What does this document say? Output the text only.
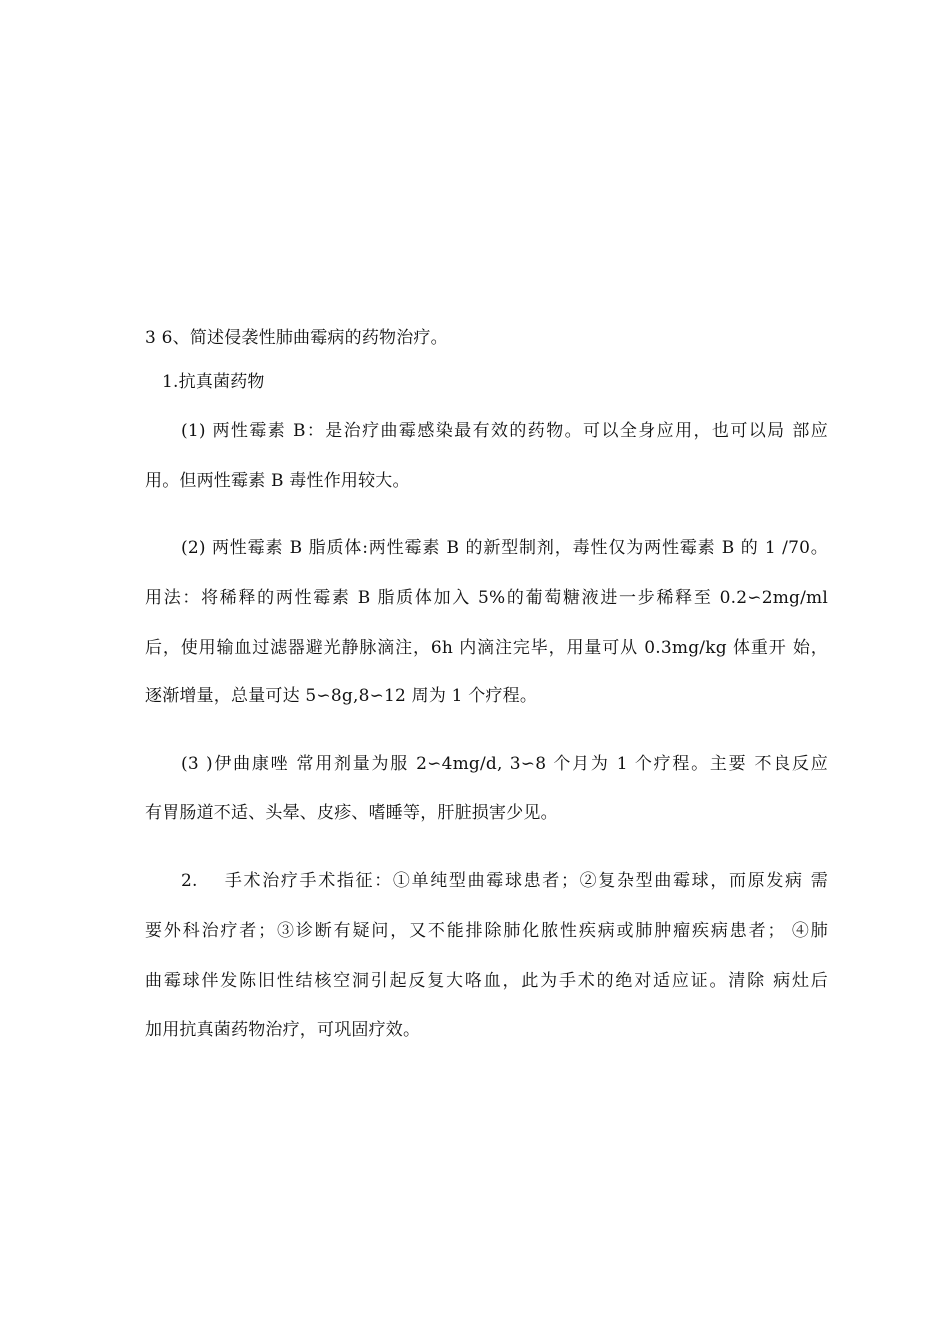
3 6、简述侵袭性肺曲霉病的药物治疗。
1.抗真菌药物
(1) 两性霉素 B：是治疗曲霉感染最有效的药物。可以全身应用，也可以局 部应
用。但两性霉素 B 毒性作用较大。
(2) 两性霉素 B 脂质体:两性霉素 B 的新型制剂，毒性仅为两性霉素 B 的 1 /70。
用法：将稀释的两性霉素 B 脂质体加入 5%的葡萄糖液进一步稀释至 0.2∽2mg/ml
后，使用输血过滤器避光静脉滴注，6h 内滴注完毕，用量可从 0.3mg/kg 体重开 始，
逐渐增量，总量可达 5∽8g,8∽12 周为 1 个疗程。
(3 )伊曲康唑 常用剂量为服 2∽4mg/d, 3∽8 个月为 1 个疗程。主要 不良反应
有胃肠道不适、头晕、皮疹、嗜睡等，肝脏损害少见。
2.　 手术治疗手术指征：①单纯型曲霉球患者；②复杂型曲霉球，而原发病 需
要外科治疗者；③诊断有疑问，又不能排除肺化脓性疾病或肺肿瘤疾病患者； ④肺
曲霉球伴发陈旧性结核空洞引起反复大咯血，此为手术的绝对适应证。清除 病灶后
加用抗真菌药物治疗，可巩固疗效。
